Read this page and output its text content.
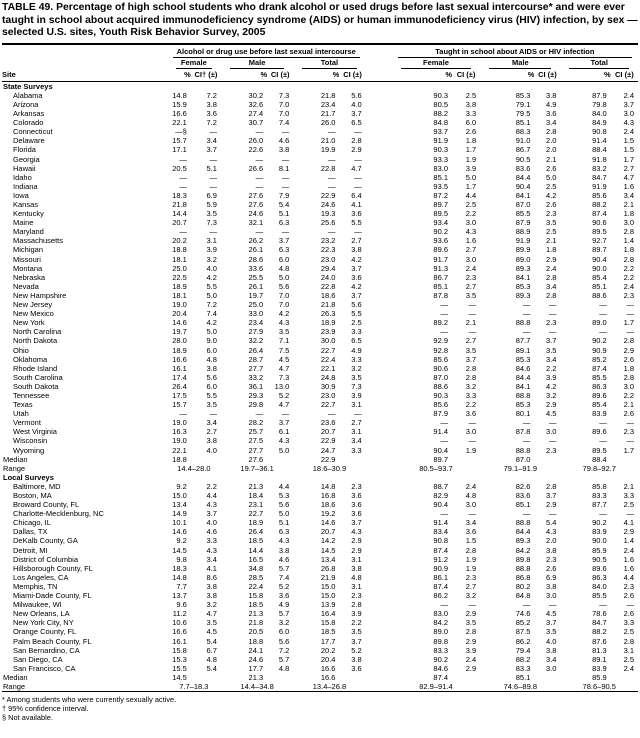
TABLE 49. Percentage of high school students who drank alcohol or used drugs before last sexual intercourse* and were ever taught in school about acquired immunodeficiency syndrome (AIDS) or human immunodeficiency virus (HIV) infection, by sex — selected U.S. sites, Youth Risk Behavior Survey, 2005

	Alcohol or drug use before last sexual intercourse							Taught in school about AIDS or HIV infection					

	Female		Male		Total			Female		Male		Total	

Site	%	CI† (±)	%	CI (±)	%	CI (±)		%	CI (±)	%	CI (±)	%	CI (±)
State Surveys													
Alabama	14.8	7.2	30.2	7.3	21.8	5.6		90.3	2.5	85.3	3.8	87.9	2.4
Arizona	15.9	3.8	32.6	7.0	23.4	4.0		80.5	3.8	79.1	4.9	79.8	3.7
Arkansas	16.6	3.6	27.4	7.0	21.7	3.7		88.2	3.3	79.5	3.6	84.0	3.0
Colorado	22.1	7.2	30.7	7.4	26.0	6.5		84.8	6.0	85.1	3.4	84.9	4.3
Connecticut	—§	—	—	—	—	—		93.7	2.6	88.3	2.8	90.8	2.4
Delaware	15.7	3.4	26.0	4.6	21.0	2.8		91.9	1.8	91.0	2.0	91.4	1.5
Florida	17.1	3.7	22.6	3.8	19.9	2.9		90.3	1.7	86.7	2.0	88.4	1.5
Georgia	—	—	—	—	—	—		93.3	1.9	90.5	2.1	91.8	1.7
Hawaii	20.5	5.1	26.6	8.1	22.8	4.7		83.0	3.9	83.6	2.6	83.2	2.7
Idaho	—	—	—	—	—	—		85.1	5.0	84.4	5.0	84.7	4.7
Indiana	—	—	—	—	—	—		93.5	1.7	90.4	2.5	91.9	1.6
Iowa	18.3	6.9	27.6	7.9	22.9	6.4		87.2	4.4	84.1	4.2	85.6	3.4
Kansas	21.8	5.9	27.6	5.4	24.6	4.1		89.7	2.5	87.0	2.6	88.2	2.1
Kentucky	14.4	3.5	24.6	5.1	19.3	3.6		89.5	2.2	85.5	2.3	87.4	1.8
Maine	20.7	7.3	32.1	6.3	25.6	5.5		93.4	3.0	87.9	3.5	90.6	3.0
Maryland	—	—	—	—	—	—		90.2	4.3	88.9	2.5	89.5	2.8
Massachusetts	20.2	3.1	26.2	3.7	23.2	2.7		93.6	1.6	91.9	2.1	92.7	1.4
Michigan	18.8	3.9	26.1	6.3	22.3	3.8		89.6	2.7	89.9	1.8	89.7	1.8
Missouri	18.1	3.2	28.6	6.0	23.0	4.2		91.7	3.0	89.0	2.9	90.4	2.8
Montana	25.0	4.0	33.6	4.8	29.4	3.7		91.3	2.4	89.3	2.4	90.0	2.2
Nebraska	22.5	4.2	25.5	5.0	24.0	3.6		86.7	2.3	84.1	2.8	85.4	2.2
Nevada	18.9	5.5	26.1	5.6	22.8	4.2		85.1	2.7	85.3	3.4	85.1	2.4
New Hampshire	18.1	5.0	19.7	7.0	18.6	3.7		87.8	3.5	89.3	2.8	88.6	2.3
New Jersey	19.0	7.2	25.0	7.0	21.8	5.6		—	—	—	—	—	—
New Mexico	20.4	7.4	33.0	4.2	26.3	5.5		—	—	—	—	—	—
New York	14.6	4.2	23.4	4.3	18.9	2.5		89.2	2.1	88.8	2.3	89.0	1.7
North Carolina	19.7	5.0	27.9	3.5	23.9	3.3		—	—	—	—	—	—
North Dakota	28.0	9.0	32.2	7.1	30.0	6.5		92.9	2.7	87.7	3.7	90.2	2.8
Ohio	18.9	6.0	26.4	7.5	22.7	4.9		92.8	3.5	89.1	3.5	90.9	2.9
Oklahoma	16.6	4.8	28.7	4.5	22.4	3.3		85.6	3.7	85.3	3.4	85.2	2.6
Rhode Island	16.1	3.8	27.7	4.7	22.1	3.2		90.6	2.8	84.6	2.2	87.4	1.8
South Carolina	17.4	5.6	33.2	7.3	24.8	3.5		87.0	2.8	84.4	3.9	85.5	2.8
South Dakota	26.4	6.0	36.1	13.0	30.9	7.3		88.6	3.2	84.1	4.2	86.3	3.0
Tennessee	17.5	5.5	29.3	5.2	23.0	3.9		90.3	3.3	88.8	3.2	89.6	2.2
Texas	15.7	3.5	29.8	4.7	22.7	3.1		85.6	2.2	85.3	2.9	85.4	2.1
Utah	—	—	—	—	—	—		87.9	3.6	80.1	4.5	83.9	2.6
Vermont	19.0	3.4	28.2	3.7	23.6	2.7		—	—	—	—	—	—
West Virginia	16.3	2.7	25.7	6.1	20.7	3.1		91.4	3.0	87.8	3.0	89.6	2.3
Wisconsin	19.0	3.8	27.5	4.3	22.9	3.4		—	—	—	—	—	—
Wyoming	22.1	4.0	27.7	5.0	24.7	3.3		90.4	1.9	88.8	2.3	89.5	1.7
Median	18.8		27.6		22.9			89.7		87.0		88.4	
Range	14.4–28.0		19.7–36.1		18.6–30.9			80.5–93.7		79.1–91.9		79.8–92.7	
Local Surveys													
Baltimore, MD	9.2	2.2	21.3	4.4	14.8	2.3		88.7	2.4	82.6	2.8	85.8	2.1
Boston, MA	15.0	4.4	18.4	5.3	16.8	3.6		82.9	4.8	83.6	3.7	83.3	3.3
Broward County, FL	13.4	4.3	23.1	5.6	18.6	3.6		90.4	3.0	85.1	2.9	87.7	2.5
Charlotte-Mecklenburg, NC	14.9	3.7	22.7	5.0	19.2	3.6		—	—	—	—	—	—
Chicago, IL	10.1	4.0	18.9	5.1	14.6	3.7		91.4	3.4	88.8	5.4	90.2	4.1
Dallas, TX	14.6	4.6	26.4	6.3	20.7	4.3		83.4	3.6	84.4	4.3	83.9	2.9
DeKalb County, GA	9.2	3.3	18.5	4.3	14.2	2.9		90.8	1.5	89.3	2.0	90.0	1.4
Detroit, MI	14.5	4.3	14.4	3.8	14.5	2.9		87.4	2.8	84.2	3.8	85.9	2.4
District of Columbia	9.8	3.4	16.5	4.6	13.4	3.1		91.2	1.9	89.8	2.3	90.5	1.6
Hillsborough County, FL	18.3	4.1	34.8	5.7	26.8	3.8		90.9	1.9	88.8	2.6	89.6	1.6
Los Angeles, CA	14.8	8.6	28.5	7.4	21.9	4.8		86.1	2.3	86.8	6.9	86.3	4.4
Memphis, TN	7.7	3.8	22.4	5.2	15.0	3.1		87.4	2.7	80.2	3.8	84.0	2.3
Miami-Dade County, FL	13.7	3.8	15.8	3.6	15.0	2.3		86.2	3.2	84.8	3.0	85.5	2.6
Milwaukee, WI	9.6	3.2	18.5	4.9	13.9	2.8		—	—	—	—	—	—
New Orleans, LA	11.2	4.7	21.3	5.7	16.4	3.9		83.0	2.9	74.6	4.5	78.6	2.6
New York City, NY	10.6	3.5	21.8	3.2	15.8	2.2		84.2	3.5	85.2	3.7	84.7	3.3
Orange County, FL	16.6	4.5	20.5	6.0	18.5	3.5		89.0	2.8	87.5	3.5	88.2	2.5
Palm Beach County, FL	16.1	5.4	18.8	5.6	17.7	3.7		89.8	2.9	86.2	4.0	87.6	2.8
San Bernardino, CA	15.8	6.7	24.1	7.2	20.2	5.2		83.3	3.9	79.4	3.8	81.3	3.1
San Diego, CA	15.3	4.8	24.6	5.7	20.4	3.8		90.2	2.4	88.2	3.4	89.1	2.5
San Francisco, CA	15.5	5.4	17.7	4.8	16.6	3.6		84.6	2.9	83.3	3.0	83.9	2.4
Median	14.5		21.3		16.6			87.4		85.1		85.9	
Range	7.7–18.3		14.4–34.8		13.4–26.8			82.9–91.4		74.6–89.8		78.6–90.5	
* Among students who were currently sexually active.
† 95% confidence interval.
§ Not available.
